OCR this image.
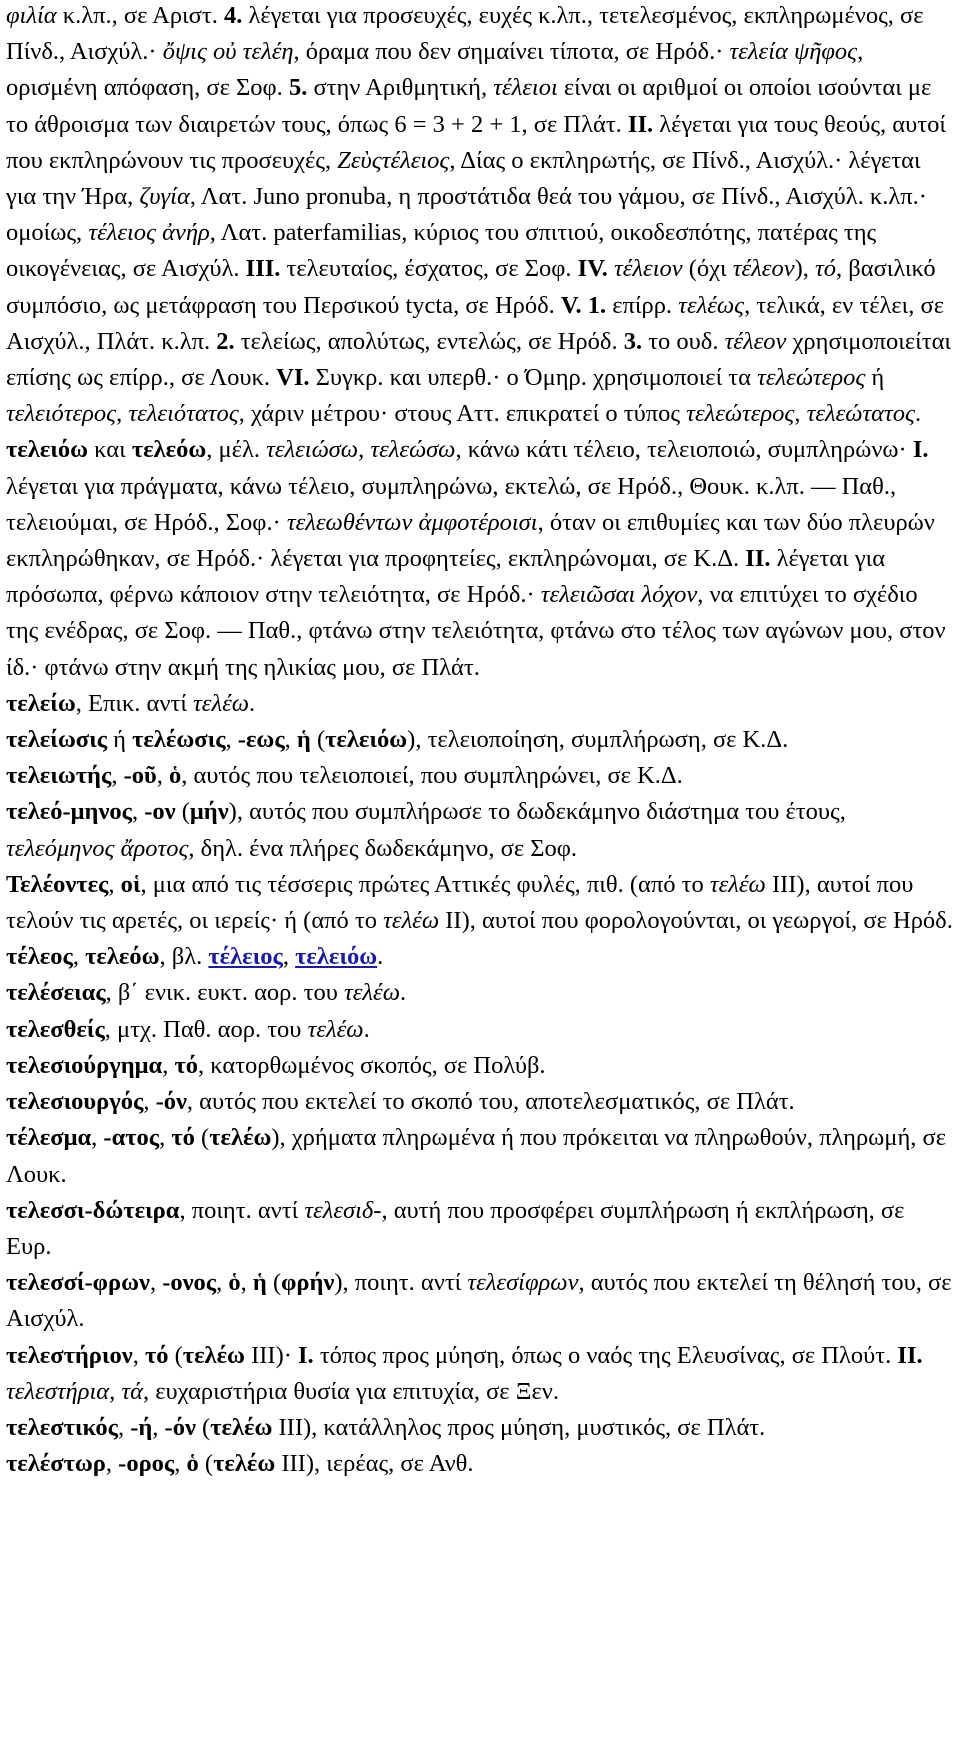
φιλία κ.λπ., σε Αριστ. 4. λέγεται για προσευχές, ευχές κ.λπ., τετελεσμένος, εκπληρωμένος, σε Πίνδ., Αισχύλ.· ὄψις οὐ τελέη, όραμα που δεν σημαίνει τίποτα, σε Ηρόδ.· τελεία ψῆφος, ορισμένη απόφαση, σε Σοφ. 5. στην Αριθμητική, τέλειοι είναι οι αριθμοί οι οποίοι ισούνται με το άθροισμα των διαιρετών τους, όπως 6 = 3 + 2 + 1, σε Πλάτ. II. λέγεται για τους θεούς, αυτοί που εκπληρώνουν τις προσευχές, Ζεὺςτέλειος, Δίας ο εκπληρωτής, σε Πίνδ., Αισχύλ.· λέγεται για την Ήρα, ζυγία, Λατ. Juno pronuba, η προστάτιδα θεά του γάμου, σε Πίνδ., Αισχύλ. κ.λπ.· ομοίως, τέλειος ἀνήρ, Λατ. paterfamilias, κύριος του σπιτιού, οικοδεσπότης, πατέρας της οικογένειας, σε Αισχύλ. III. τελευταίος, έσχατος, σε Σοφ. IV. τέλειον (όχι τέλεον), τό, βασιλικό συμπόσιο, ως μετάφραση του Περσικού tycta, σε Ηρόδ. V. 1. επίρρ. τελέως, τελικά, εν τέλει, σε Αισχύλ., Πλάτ. κ.λπ. 2. τελείως, απολύτως, εντελώς, σε Ηρόδ. 3. το ουδ. τέλεον χρησιμοποιείται επίσης ως επίρρ., σε Λουκ. VI. Συγκρ. και υπερθ.· ο Όμηρ. χρησιμοποιεί τα τελεώτερος ή τελειότερος, τελειότατος, χάριν μέτρου· στους Αττ. επικρατεί ο τύπος τελεώτερος, τελεώτατος.

τελειόω και τελεόω, μέλ. τελειώσω, τελεώσω, κάνω κάτι τέλειο, τελειοποιώ, συμπληρώνω· I. λέγεται για πράγματα, κάνω τέλειο, συμπληρώνω, εκτελώ, σε Ηρόδ., Θουκ. κ.λπ. — Παθ., τελειούμαι, σε Ηρόδ., Σοφ.· τελεωθέντων ἀμφοτέροισι, όταν οι επιθυμίες και των δύο πλευρών εκπληρώθηκαν, σε Ηρόδ.· λέγεται για προφητείες, εκπληρώνομαι, σε Κ.Δ. II. λέγεται για πρόσωπα, φέρνω κάποιον στην τελειότητα, σε Ηρόδ.· τελειῶσαι λόχον, να επιτύχει το σχέδιο της ενέδρας, σε Σοφ. — Παθ., φτάνω στην τελειότητα, φτάνω στο τέλος των αγώνων μου, στον ίδ.· φτάνω στην ακμή της ηλικίας μου, σε Πλάτ.

τελείω, Επικ. αντί τελέω.

τελείωσις ή τελέωσις, -εως, ἡ (τελειόω), τελειοποίηση, συμπλήρωση, σε Κ.Δ.

τελειωτής, -οῦ, ὁ, αυτός που τελειοποιεί, που συμπληρώνει, σε Κ.Δ.

τελεό-μηνος, -ον (μήν), αυτός που συμπλήρωσε το δωδεκάμηνο διάστημα του έτους, τελεόμηνος ἄροτος, δηλ. ένα πλήρες δωδεκάμηνο, σε Σοφ.

Τελέοντες, οἱ, μια από τις τέσσερις πρώτες Αττικές φυλές, πιθ. (από το τελέω III), αυτοί που τελούν τις αρετές, οι ιερείς· ή (από το τελέω II), αυτοί που φορολογούνται, οι γεωργοί, σε Ηρόδ.

τέλεος, τελεόω, βλ. τέλειος, τελειόω.

τελέσειας, β΄ ενικ. ευκτ. αορ. του τελέω.

τελεσθείς, μτχ. Παθ. αορ. του τελέω.

τελεσιούργημα, τό, κατορθωμένος σκοπός, σε Πολύβ.

τελεσιουργός, -όν, αυτός που εκτελεί το σκοπό του, αποτελεσματικός, σε Πλάτ.

τέλεσμα, -ατος, τό (τελέω), χρήματα πληρωμένα ή που πρόκειται να πληρωθούν, πληρωμή, σε Λουκ.

τελεσσι-δώτειρα, ποιητ. αντί τελεσιδ-, αυτή που προσφέρει συμπλήρωση ή εκπλήρωση, σε Ευρ.

τελεσσί-φρων, -ονος, ὁ, ἡ (φρήν), ποιητ. αντί τελεσίφρων, αυτός που εκτελεί τη θέλησή του, σε Αισχύλ.

τελεστήριον, τό (τελέω III)· I. τόπος προς μύηση, όπως ο ναός της Ελευσίνας, σε Πλούτ. II. τελεστήρια, τά, ευχαριστήρια θυσία για επιτυχία, σε Ξεν.

τελεστικός, -ή, -όν (τελέω III), κατάλληλος προς μύηση, μυστικός, σε Πλάτ.

τελέστωρ, -ορος, ὁ (τελέω III), ιερέας, σε Ανθ.
